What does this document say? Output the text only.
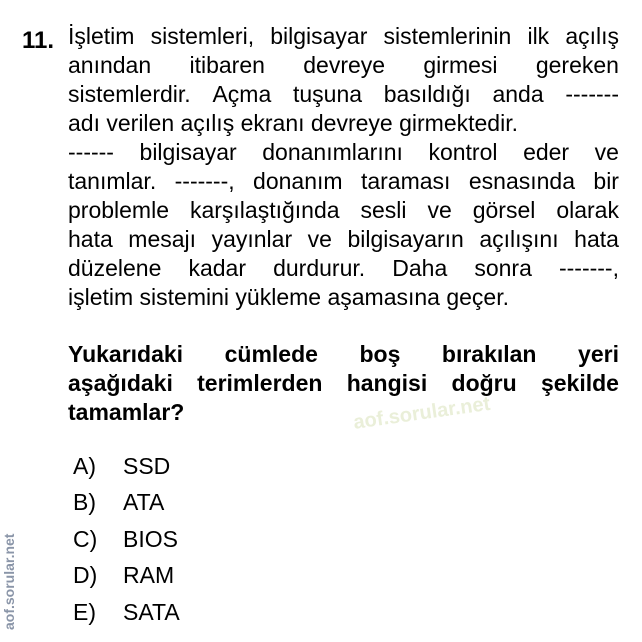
11. İşletim sistemleri, bilgisayar sistemlerinin ilk açılış
anından itibaren devreye girmesi gereken
sistemlerdir. Açma tuşuna basıldığı anda -------
adı verilen açılış ekranı devreye girmektedir.
------ bilgisayar donanımlarını kontrol eder ve
tanımlar. -------, donanım taraması esnasında bir
problemle karşılaştığında sesli ve görsel olarak
hata mesajı yayınlar ve bilgisayarın açılışını hata
düzelene kadar durdurur. Daha sonra -------,
işletim sistemini yükleme aşamasına geçer.
Yukarıdaki cümlede boş bırakılan yeri
aşağıdaki terimlerden hangisi doğru şekilde
tamamlar?	aof.sorular.net
A)	SSD
B)	ATA
C)	BIOS
D)	RAM
E)	SATA
aof.sorular.net
